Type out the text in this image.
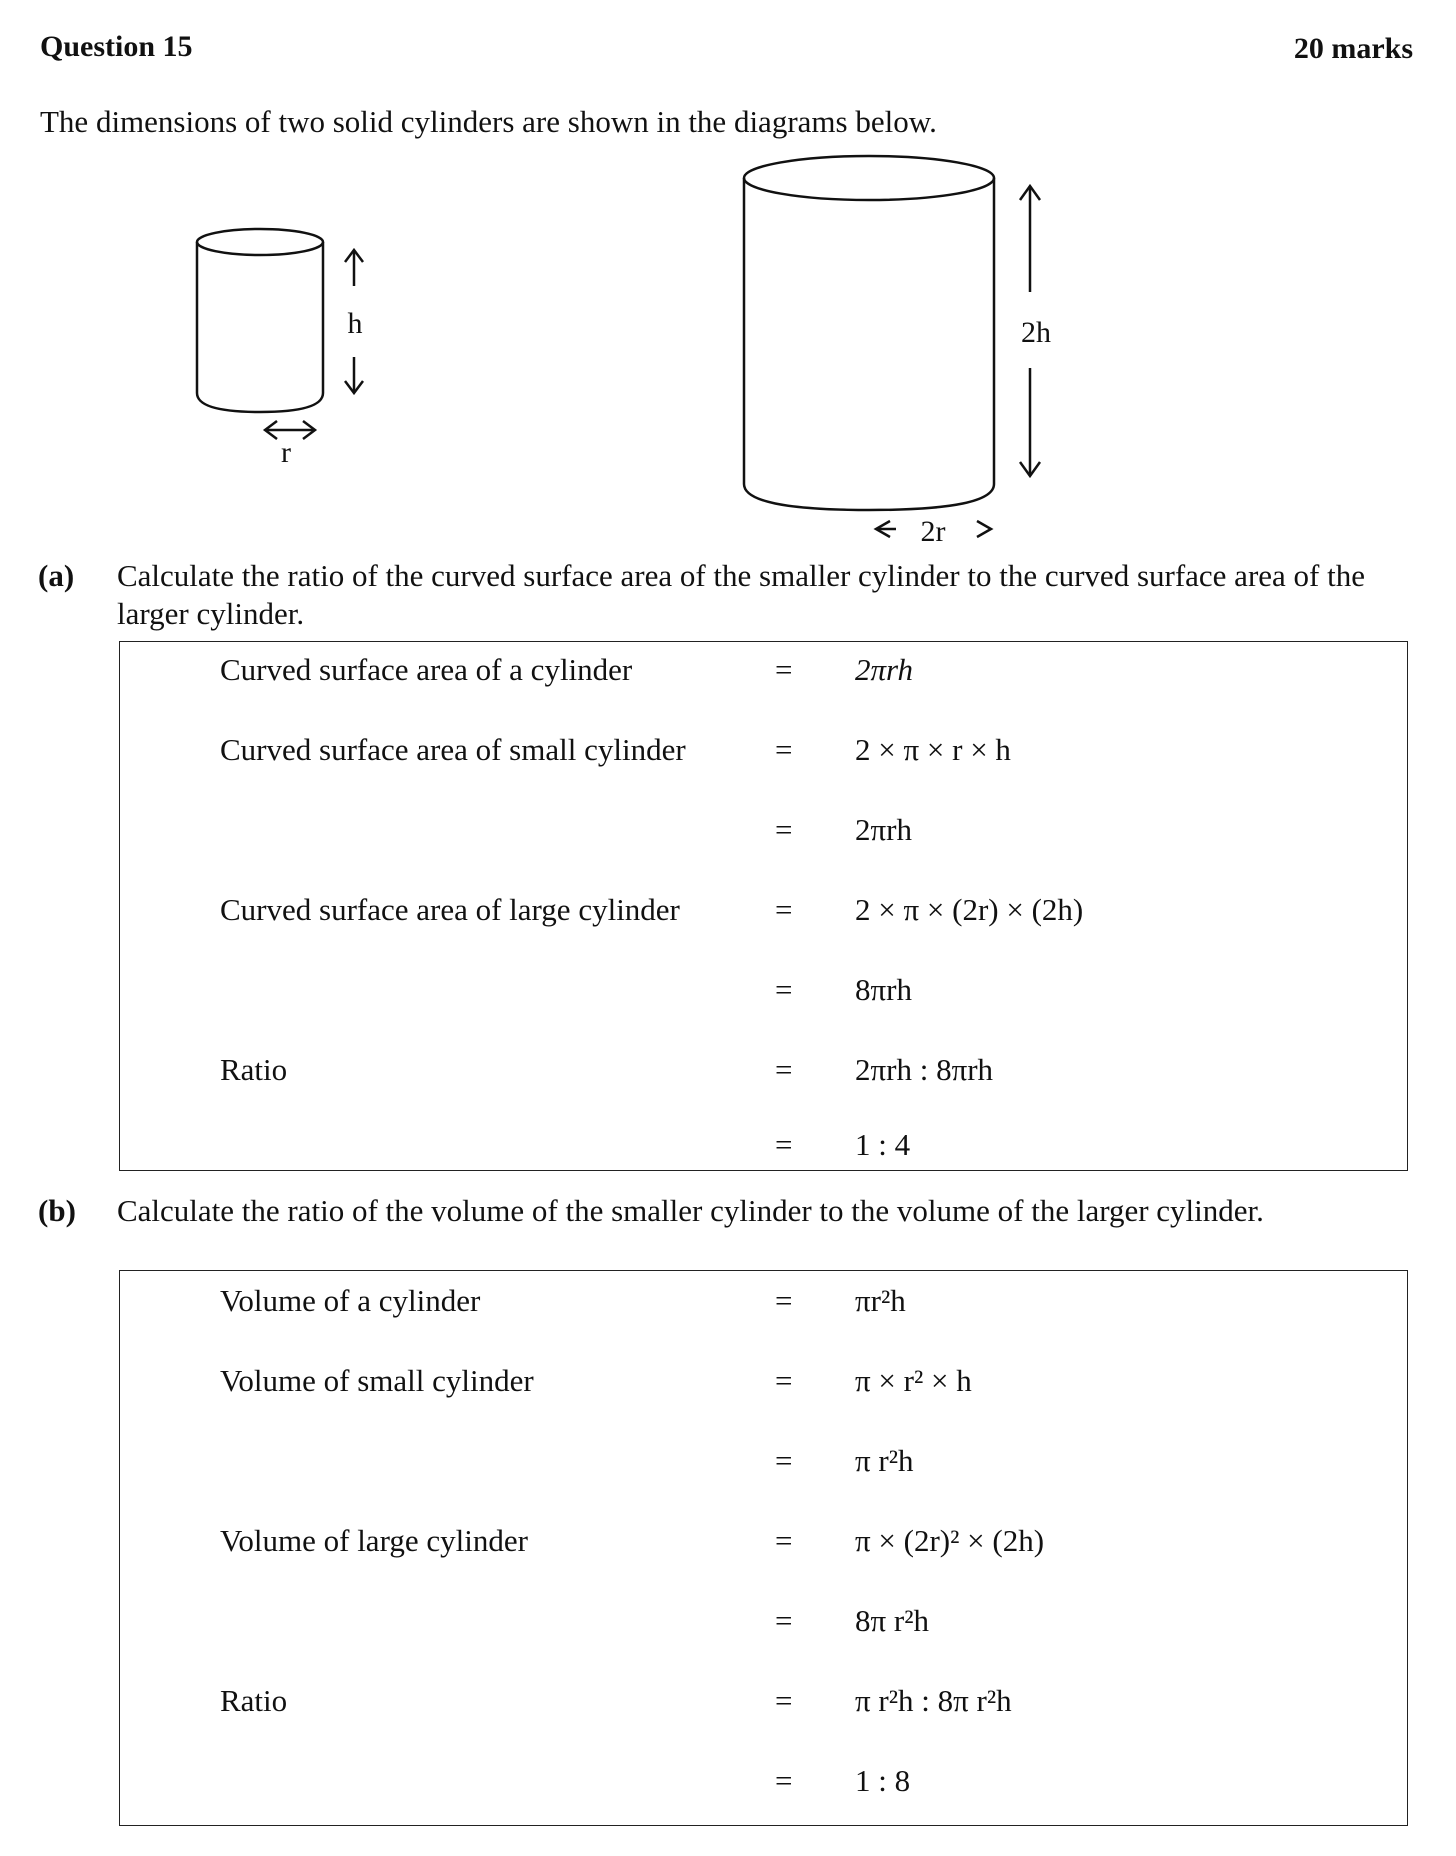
Question 15	20 marks
The dimensions of two solid cylinders are shown in the diagrams below.
h
r
2h
2r
(a) Calculate the ratio of the curved surface area of the smaller cylinder to the curved surface area of the larger cylinder.
Curved surface area of a cylinder	= 2πrh
Curved surface area of small cylinder	= 2 × π × r × h
= 2πrh
Curved surface area of large cylinder	= 2 × π × (2r) × (2h)
= 8πrh
Ratio	= 2πrh : 8πrh
= 1 : 4
(b) Calculate the ratio of the volume of the smaller cylinder to the volume of the larger cylinder.
Volume of a cylinder	= πr²h
Volume of small cylinder	= π × r² × h
= π r²h
Volume of large cylinder	= π × (2r)² × (2h)
= 8π r²h
Ratio	= π r²h : 8π r²h
= 1 : 8
